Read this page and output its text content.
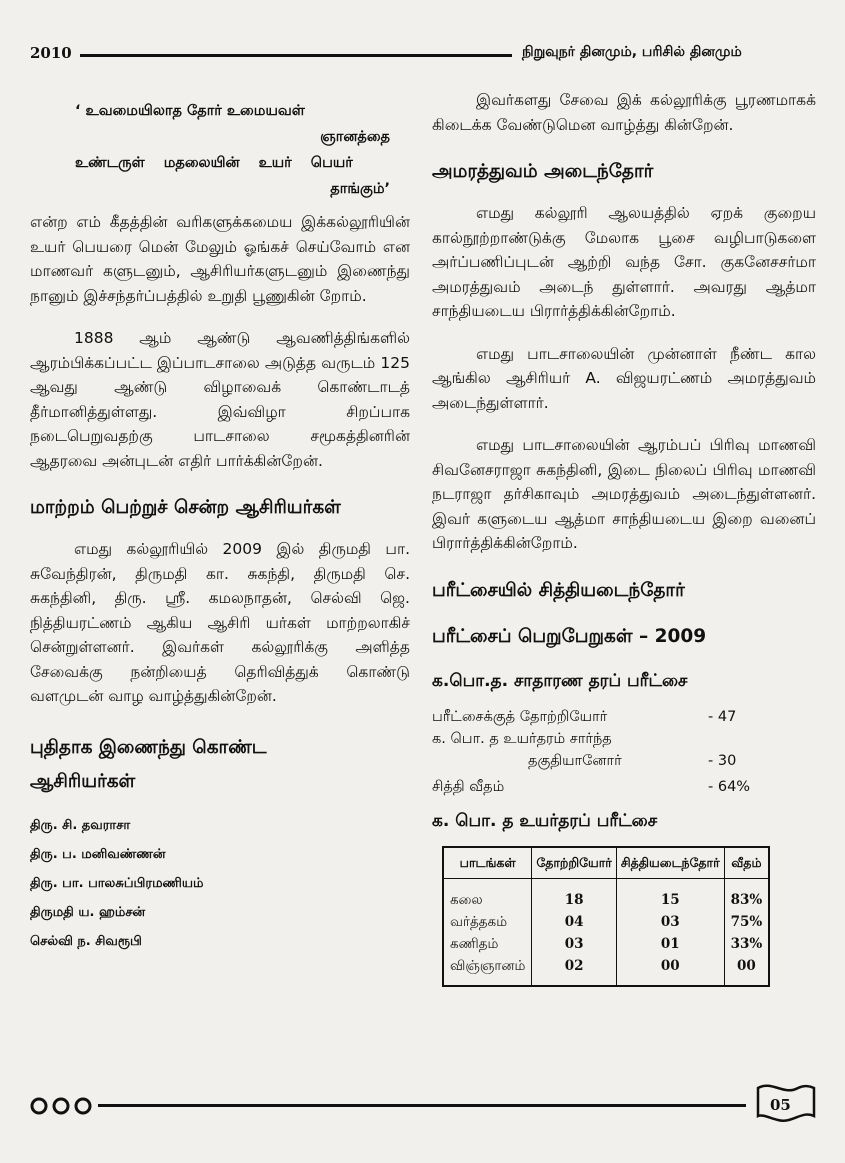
2010	நிறுவுநர் தினமும், பரிசில் தினமும்
‘ உவமையிலாத தோர் உமையவள்
ஞானத்தை
உண்டருள் மதலையின் உயர் பெயர்
தாங்கும்’

என்ற எம் கீதத்தின் வரிகளுக்கமைய இக்கல்லூரியின் உயர் பெயரை மென் மேலும் ஓங்கச் செய்வோம் என மாணவர் களுடனும், ஆசிரியர்களுடனும் இணைந்து நானும் இச்சந்தர்ப்பத்தில் உறுதி பூணுகின் றோம்.

1888 ஆம் ஆண்டு ஆவணித்திங்களில் ஆரம்பிக்கப்பட்ட இப்பாடசாலை அடுத்த வருடம் 125 ஆவது ஆண்டு விழாவைக் கொண்டாடத் தீர்மானித்துள்ளது. இவ்விழா சிறப்பாக நடைபெறுவதற்கு பாடசாலை சமூகத்தினரின் ஆதரவை அன்புடன் எதிர் பார்க்கின்றேன்.

மாற்றம் பெற்றுச் சென்ற ஆசிரியர்கள்

எமது கல்லூரியில் 2009 இல் திருமதி பா. சுவேந்திரன், திருமதி கா. சுகந்தி, திருமதி செ. சுகந்தினி, திரு. ஸ்ரீ. கமலநாதன், செல்வி ஜெ. நித்தியரட்ணம் ஆகிய ஆசிரி யர்கள் மாற்றலாகிச் சென்றுள்ளனர். இவர்கள் கல்லூரிக்கு அளித்த சேவைக்கு நன்றியைத் தெரிவித்துக் கொண்டு வளமுடன் வாழ வாழ்த்துகின்றேன்.

புதிதாக இணைந்து கொண்ட ஆசிரியர்கள்
திரு. சி. தவராசா
திரு. ப. மனிவண்ணன்
திரு. பா. பாலசுப்பிரமணியம்
திருமதி ய. ஹம்சன்
செல்வி ந. சிவரூபி

இவர்களது சேவை இக் கல்லூரிக்கு பூரணமாகக் கிடைக்க வேண்டுமென வாழ்த்து கின்றேன்.

அமரத்துவம் அடைந்தோர்

எமது கல்லூரி ஆலயத்தில் ஏறக் குறைய கால்நூற்றாண்டுக்கு மேலாக பூசை வழிபாடுகளை அர்ப்பணிப்புடன் ஆற்றி வந்த சோ. குகனேசசர்மா அமரத்துவம் அடைந் துள்ளார். அவரது ஆத்மா சாந்தியடைய பிரார்த்திக்கின்றோம்.

எமது பாடசாலையின் முன்னாள் நீண்ட கால ஆங்கில ஆசிரியர் A. விஜயரட்ணம் அமரத்துவம் அடைந்துள்ளார்.

எமது பாடசாலையின் ஆரம்பப் பிரிவு மாணவி சிவனேசராஜா சுகந்தினி, இடை நிலைப் பிரிவு மாணவி நடராஜா தர்சிகாவும் அமரத்துவம் அடைந்துள்ளனர். இவர் களுடைய ஆத்மா சாந்தியடைய இறை வனைப் பிரார்த்திக்கின்றோம்.

பரீட்சையில் சித்தியடைந்தோர்
பரீட்சைப் பெறுபேறுகள் – 2009
க.பொ.த. சாதாரண தரப் பரீட்சை
பரீட்சைக்குத் தோற்றியோர்	- 47
க. பொ. த உயர்தரம் சார்ந்த
தகுதியானோர்	- 30
சித்தி வீதம்	- 64%
க. பொ. த உயர்தரப் பரீட்சை
பாடங்கள்	தோற்றியோர்	சித்தியடைந்தோர்	வீதம்
கலை	18	15	83%
வர்த்தகம்	04	03	75%
கணிதம்	03	01	33%
விஞ்ஞானம்	02	00	00
05
